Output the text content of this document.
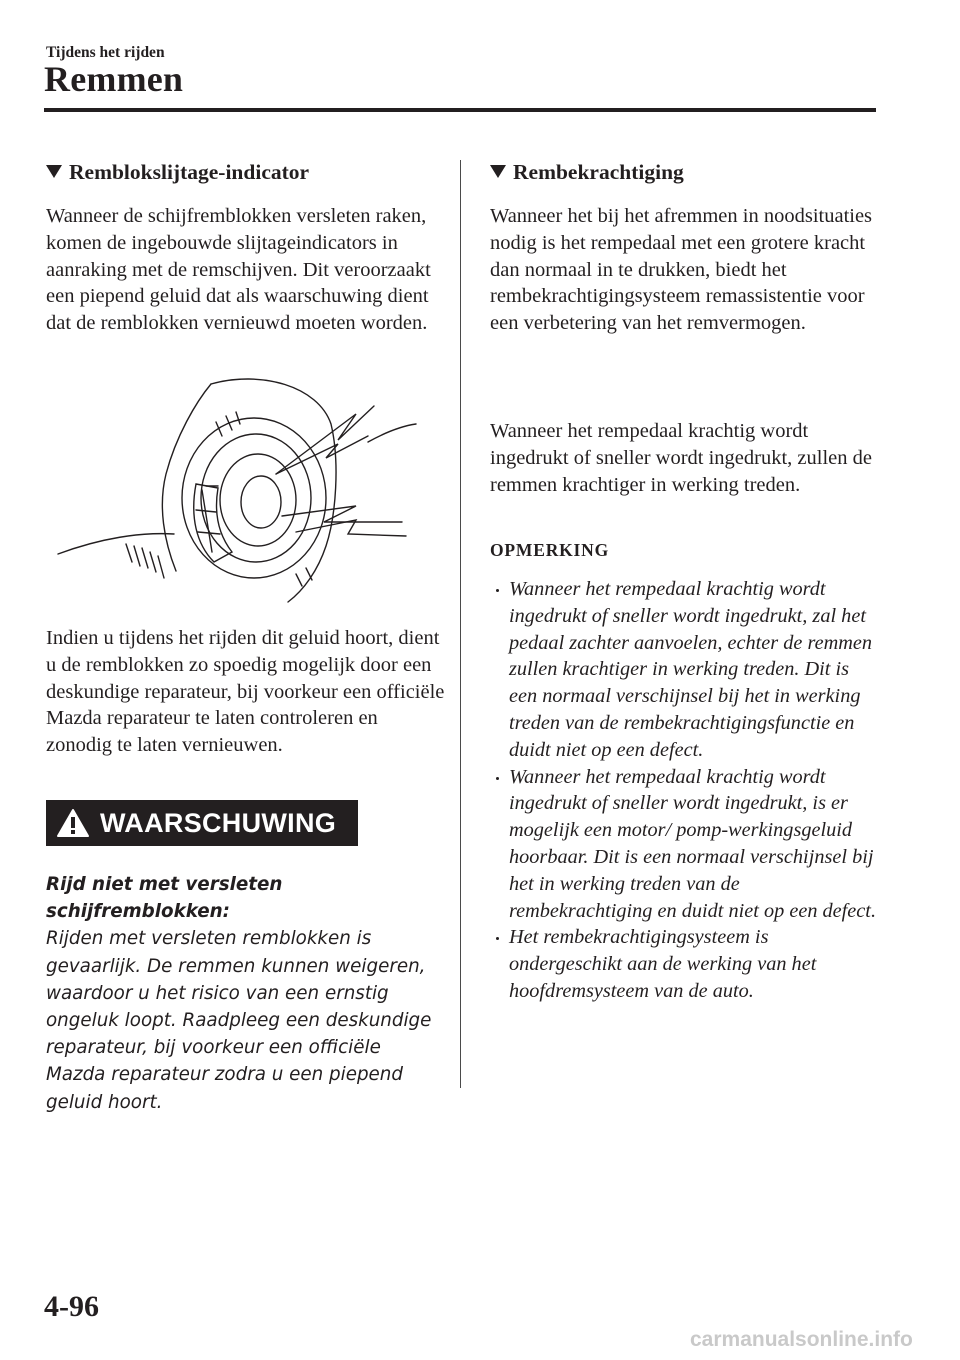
Tijdens het rijden
Remmen
Remblokslijtage-indicator

Wanneer de schijfremblokken versleten raken, komen de ingebouwde slijtageindicators in aanraking met de remschijven. Dit veroorzaakt een piepend geluid dat als waarschuwing dient dat de remblokken vernieuwd moeten worden.

Indien u tijdens het rijden dit geluid hoort, dient u de remblokken zo spoedig mogelijk door een deskundige reparateur, bij voorkeur een officiële Mazda reparateur te laten controleren en zonodig te laten vernieuwen.

WAARSCHUWING

Rijd niet met versleten schijfremblokken:

Rijden met versleten remblokken is gevaarlijk. De remmen kunnen weigeren, waardoor u het risico van een ernstig ongeluk loopt. Raadpleeg een deskundige reparateur, bij voorkeur een officiële Mazda reparateur zodra u een piepend geluid hoort.

Rembekrachtiging

Wanneer het bij het afremmen in noodsituaties nodig is het rempedaal met een grotere kracht dan normaal in te drukken, biedt het rembekrachtigingsysteem remassistentie voor een verbetering van het remvermogen.

Wanneer het rempedaal krachtig wordt ingedrukt of sneller wordt ingedrukt, zullen de remmen krachtiger in werking treden.

OPMERKING
Wanneer het rempedaal krachtig wordt ingedrukt of sneller wordt ingedrukt, zal het pedaal zachter aanvoelen, echter de remmen zullen krachtiger in werking treden. Dit is een normaal verschijnsel bij het in werking treden van de rembekrachtigingsfunctie en duidt niet op een defect.
Wanneer het rempedaal krachtig wordt ingedrukt of sneller wordt ingedrukt, is er mogelijk een motor/ pomp-werkingsgeluid hoorbaar. Dit is een normaal verschijnsel bij het in werking treden van de rembekrachtiging en duidt niet op een defect.
Het rembekrachtigingsysteem is ondergeschikt aan de werking van het hoofdremsysteem van de auto.
4-96
carmanualsonline.info
